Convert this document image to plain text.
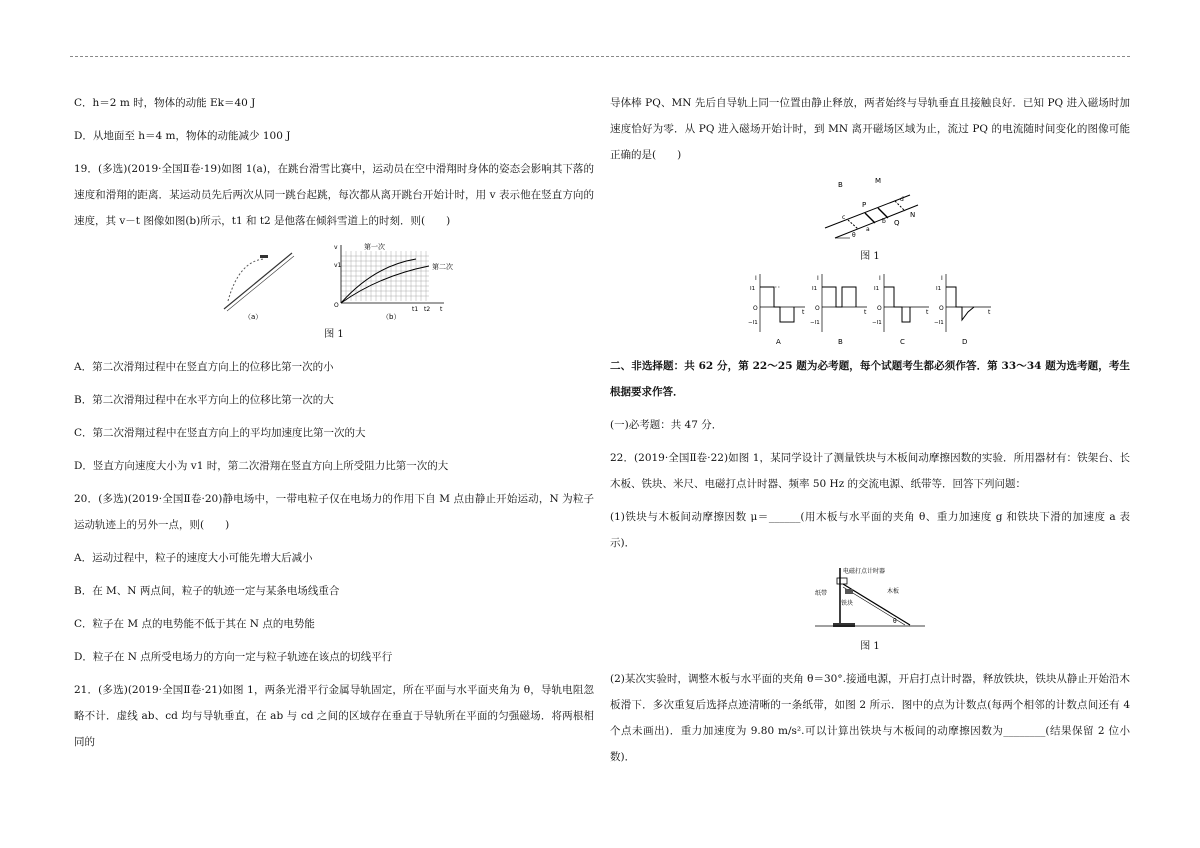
C．h＝2 m 时，物体的动能 Ek＝40 J

D．从地面至 h＝4 m，物体的动能减少 100 J

19．(多选)(2019·全国Ⅱ卷·19)如图 1(a)，在跳台滑雪比赛中，运动员在空中滑翔时身体的姿态会影响其下落的速度和滑翔的距离．某运动员先后两次从同一跳台起跳，每次都从离开跳台开始计时，用 v 表示他在竖直方向的速度，其 v－t 图像如图(b)所示，t1 和 t2 是他落在倾斜雪道上的时刻．则(　　)

（a）
第一次
第二次
v
t
O
v1
t1 t2
（b）
图 1

A．第二次滑翔过程中在竖直方向上的位移比第一次的小

B．第二次滑翔过程中在水平方向上的位移比第一次的大

C．第二次滑翔过程中在竖直方向上的平均加速度比第一次的大

D．竖直方向速度大小为 v1 时，第二次滑翔在竖直方向上所受阻力比第一次的大

20．(多选)(2019·全国Ⅱ卷·20)静电场中，一带电粒子仅在电场力的作用下自 M 点由静止开始运动，N 为粒子运动轨迹上的另外一点，则(　　)

A．运动过程中，粒子的速度大小可能先增大后减小

B．在 M、N 两点间，粒子的轨迹一定与某条电场线重合

C．粒子在 M 点的电势能不低于其在 N 点的电势能

D．粒子在 N 点所受电场力的方向一定与粒子轨迹在该点的切线平行

21．(多选)(2019·全国Ⅱ卷·21)如图 1，两条光滑平行金属导轨固定，所在平面与水平面夹角为 θ，导轨电阻忽略不计．虚线 ab、cd 均与导轨垂直，在 ab 与 cd 之间的区域存在垂直于导轨所在平面的匀强磁场．将两根相同的

导体棒 PQ、MN 先后自导轨上同一位置由静止释放，两者始终与导轨垂直且接触良好．已知 PQ 进入磁场时加速度恰好为零．从 PQ 进入磁场开始计时，到 MN 离开磁场区域为止，流过 PQ 的电流随时间变化的图像可能正确的是(　　)

B
P
M
Q
N
a
b
c
d
θ
图 1
I
I1
O
−I1
t
A
I
I1
O
−I1
t
B
I
I1
O
−I1
t
C
I
I1
O
−I1
t
D

二、非选择题：共 62 分，第 22～25 题为必考题，每个试题考生都必须作答．第 33～34 题为选考题，考生根据要求作答．

(一)必考题：共 47 分．

22．(2019·全国Ⅱ卷·22)如图 1，某同学设计了测量铁块与木板间动摩擦因数的实验．所用器材有：铁架台、长木板、铁块、米尺、电磁打点计时器、频率 50 Hz 的交流电源、纸带等．回答下列问题：

(1)铁块与木板间动摩擦因数 μ＝______(用木板与水平面的夹角 θ、重力加速度 g 和铁块下滑的加速度 a 表示)．

电磁打点计时器
木板
纸带
铁块
θ
图 1

(2)某次实验时，调整木板与水平面的夹角 θ＝30°.接通电源，开启打点计时器，释放铁块，铁块从静止开始沿木板滑下．多次重复后选择点迹清晰的一条纸带，如图 2 所示．图中的点为计数点(每两个相邻的计数点间还有 4 个点未画出)．重力加速度为 9.80 m/s².可以计算出铁块与木板间的动摩擦因数为________(结果保留 2 位小数)．
